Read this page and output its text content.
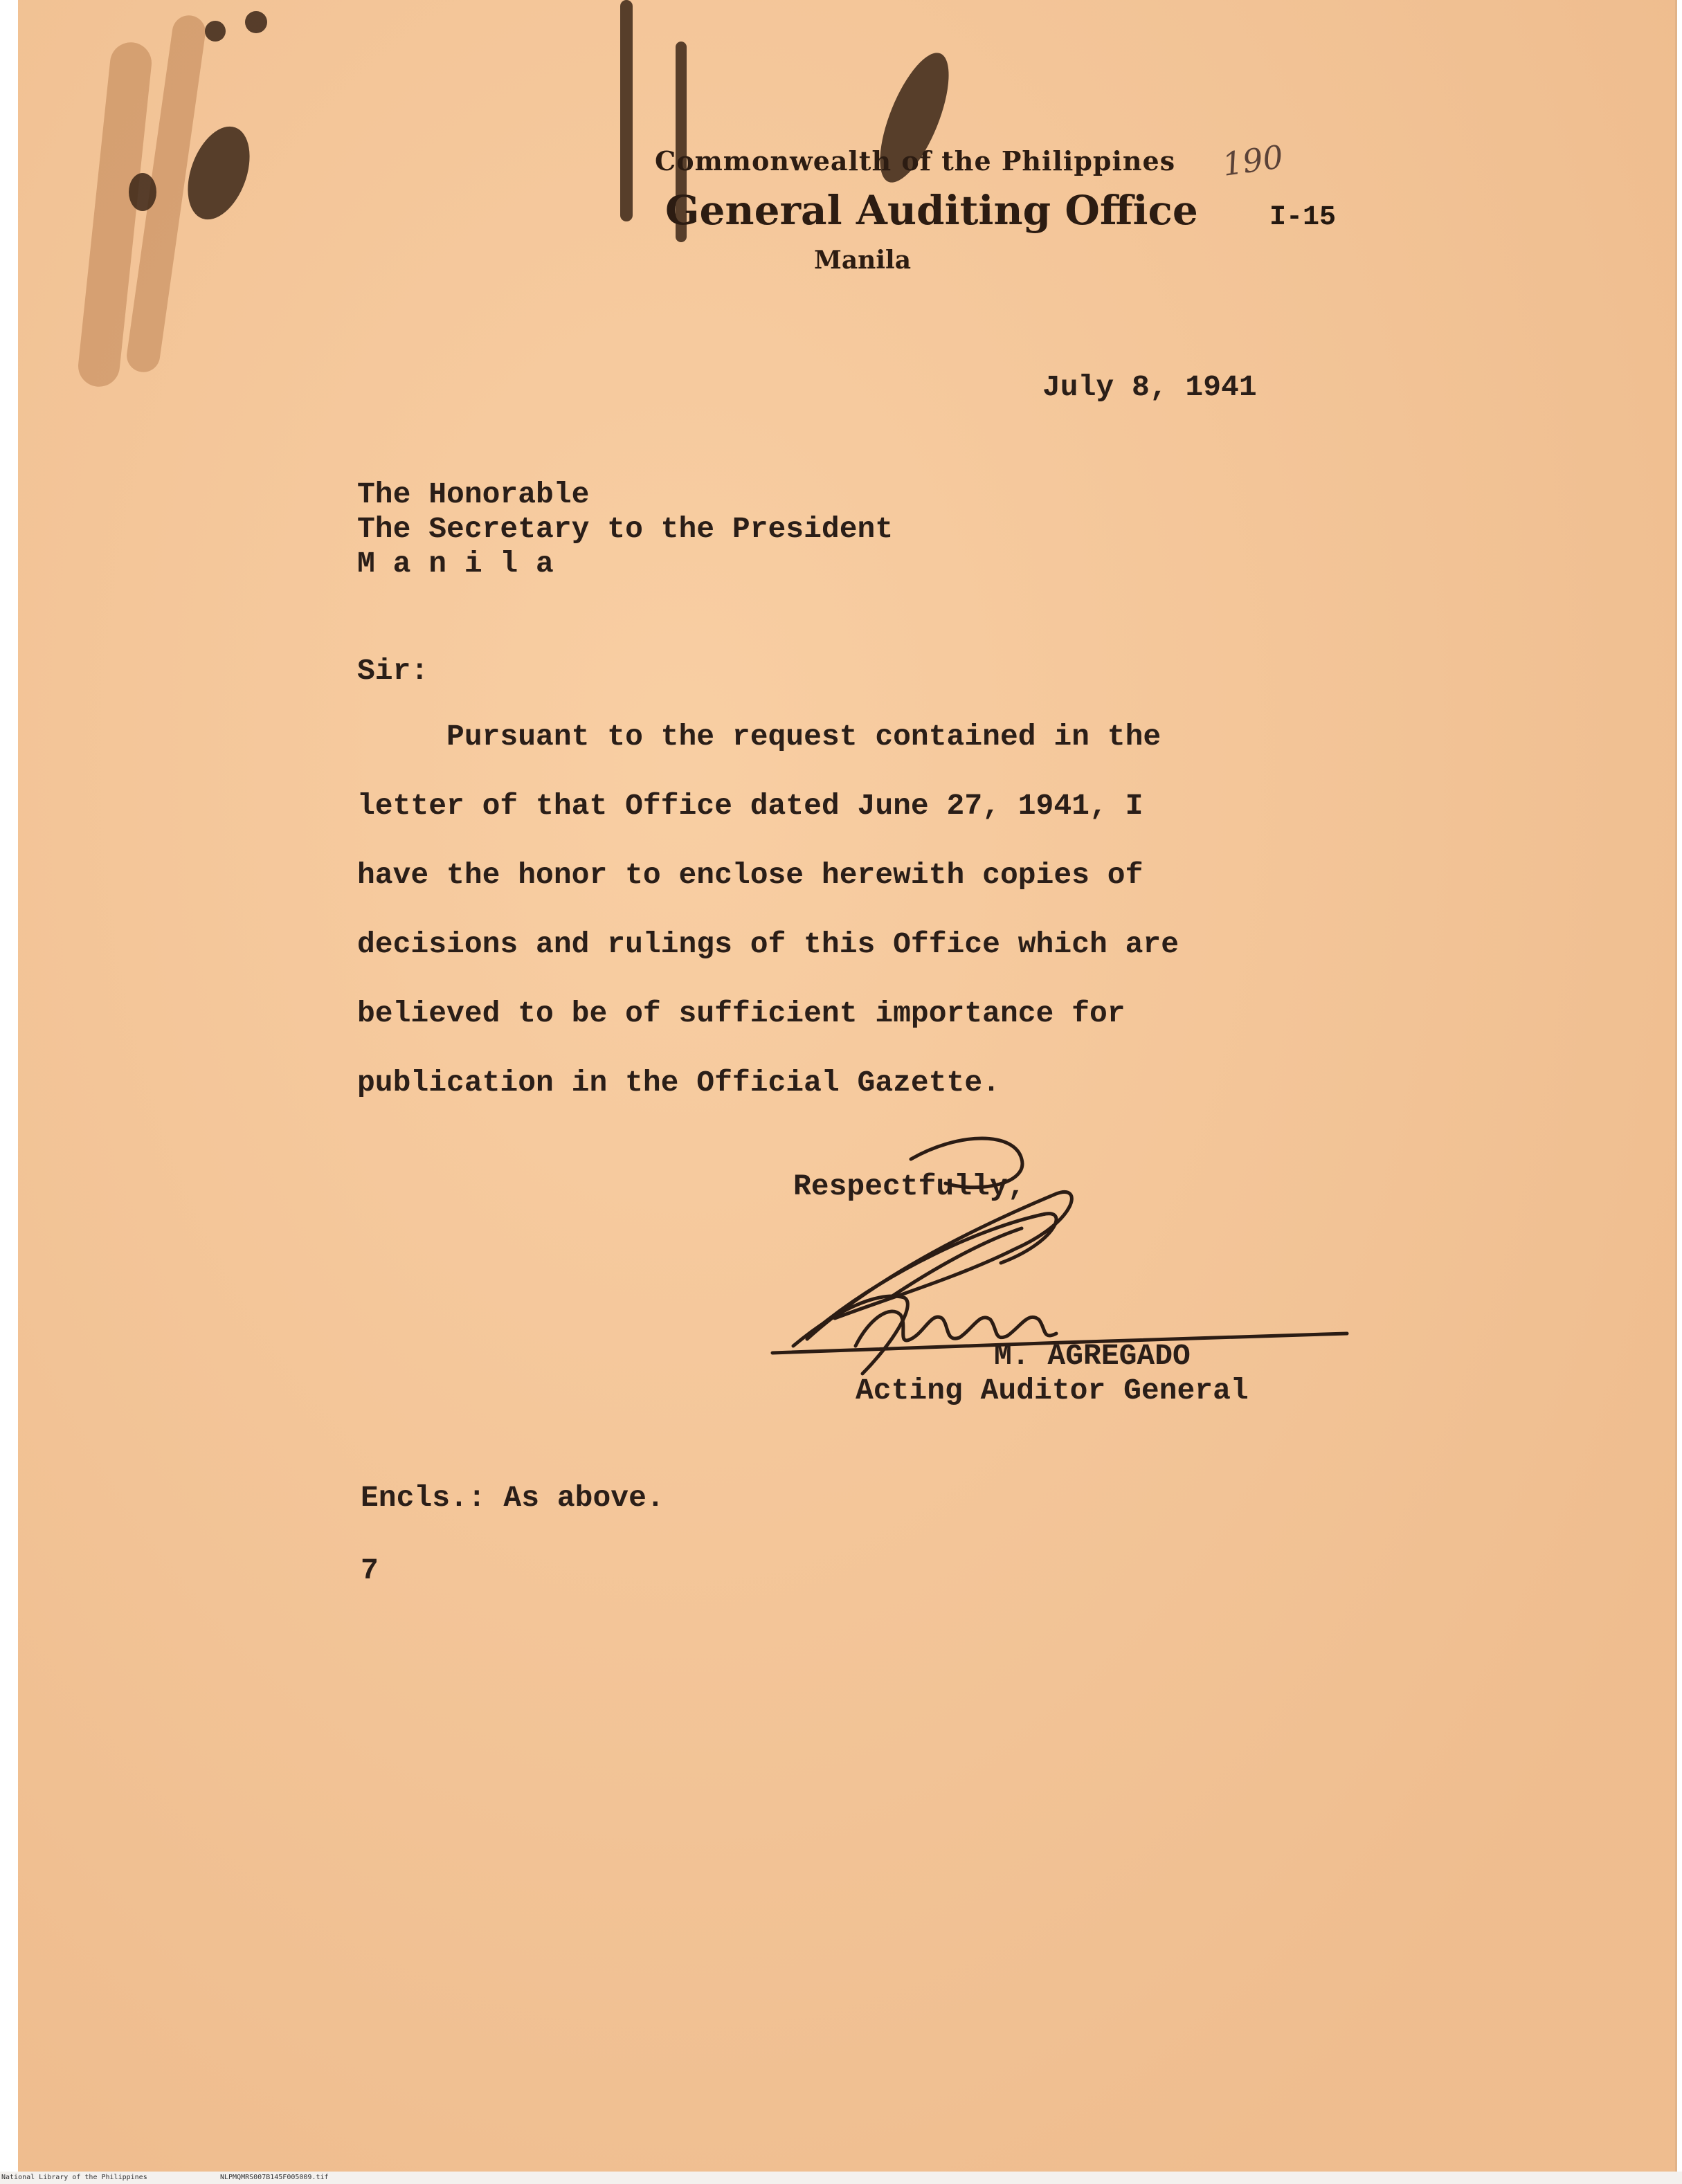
Commonwealth of the Philippines
General Auditing Office
Manila
190
I-15
July 8, 1941
The Honorable
The Secretary to the President
M a n i l a
Sir:
Pursuant to the request contained in the
letter of that Office dated June 27, 1941, I
have the honor to enclose herewith copies of
decisions and rulings of this Office which are
believed to be of sufficient importance for
publication in the Official Gazette.
Respectfully,
M. AGREGADO
Acting Auditor General
Encls.: As above.
7
National Library of the Philippines	NLPMQMRS007B145F005009.tif
